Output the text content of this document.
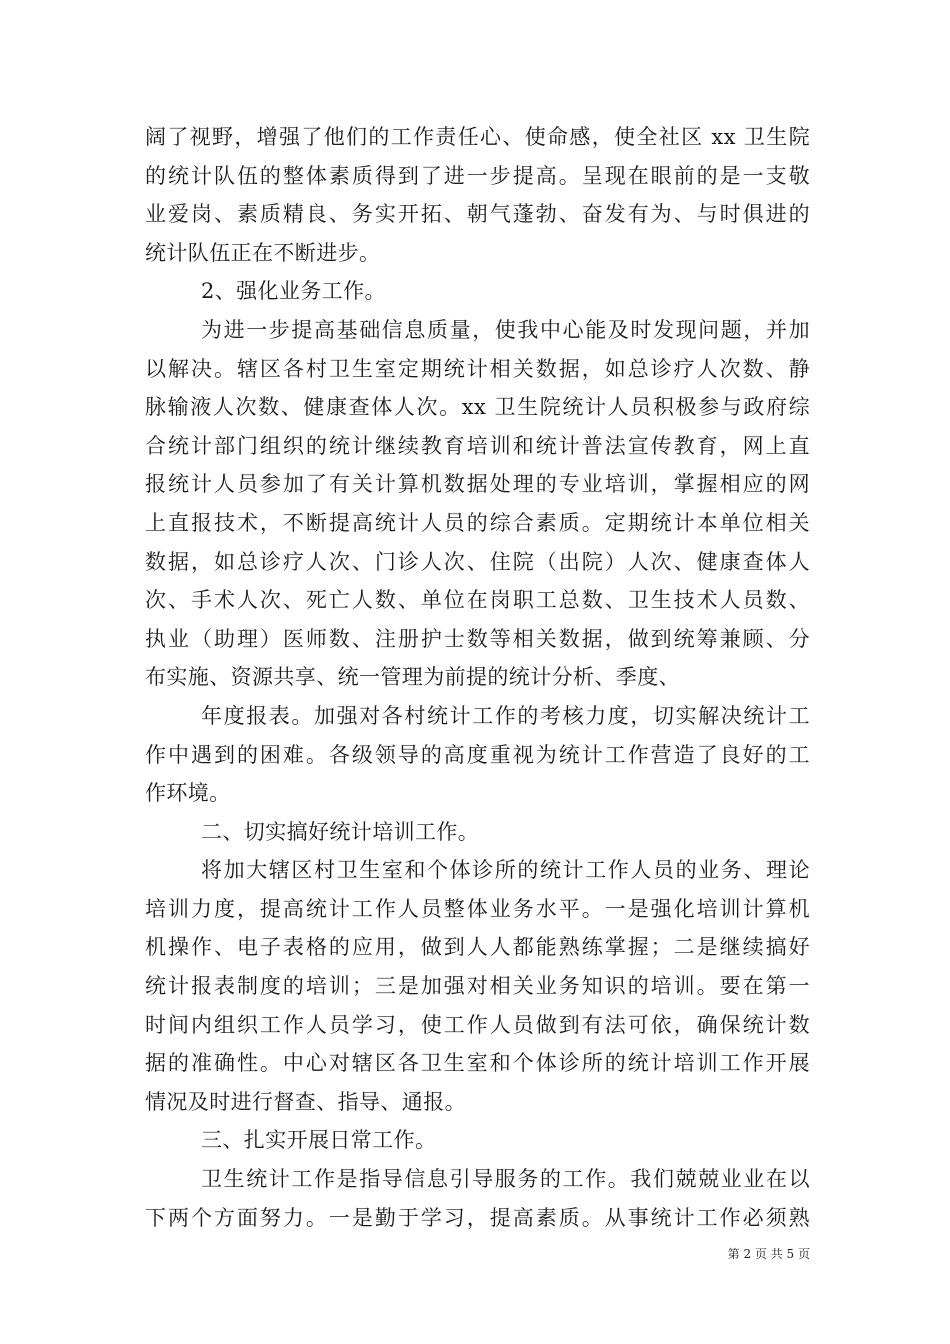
阔了视野，增强了他们的工作责任心、使命感，使全社区 xx 卫生院
的统计队伍的整体素质得到了进一步提高。呈现在眼前的是一支敬
业爱岗、素质精良、务实开拓、朝气蓬勃、奋发有为、与时俱进的
统计队伍正在不断进步。
2、强化业务工作。
为进一步提高基础信息质量，使我中心能及时发现问题，并加
以解决。辖区各村卫生室定期统计相关数据，如总诊疗人次数、静
脉输液人次数、健康查体人次。xx 卫生院统计人员积极参与政府综
合统计部门组织的统计继续教育培训和统计普法宣传教育，网上直
报统计人员参加了有关计算机数据处理的专业培训，掌握相应的网
上直报技术，不断提高统计人员的综合素质。定期统计本单位相关
数据，如总诊疗人次、门诊人次、住院（出院）人次、健康查体人
次、手术人次、死亡人数、单位在岗职工总数、卫生技术人员数、
执业（助理）医师数、注册护士数等相关数据，做到统筹兼顾、分
布实施、资源共享、统一管理为前提的统计分析、季度、
年度报表。加强对各村统计工作的考核力度，切实解决统计工
作中遇到的困难。各级领导的高度重视为统计工作营造了良好的工
作环境。
二、切实搞好统计培训工作。
将加大辖区村卫生室和个体诊所的统计工作人员的业务、理论
培训力度，提高统计工作人员整体业务水平。一是强化培训计算机
机操作、电子表格的应用，做到人人都能熟练掌握；二是继续搞好
统计报表制度的培训；三是加强对相关业务知识的培训。要在第一
时间内组织工作人员学习，使工作人员做到有法可依，确保统计数
据的准确性。中心对辖区各卫生室和个体诊所的统计培训工作开展
情况及时进行督查、指导、通报。
三、扎实开展日常工作。
卫生统计工作是指导信息引导服务的工作。我们兢兢业业在以
下两个方面努力。一是勤于学习，提高素质。从事统计工作必须熟
第 2 页 共 5 页
